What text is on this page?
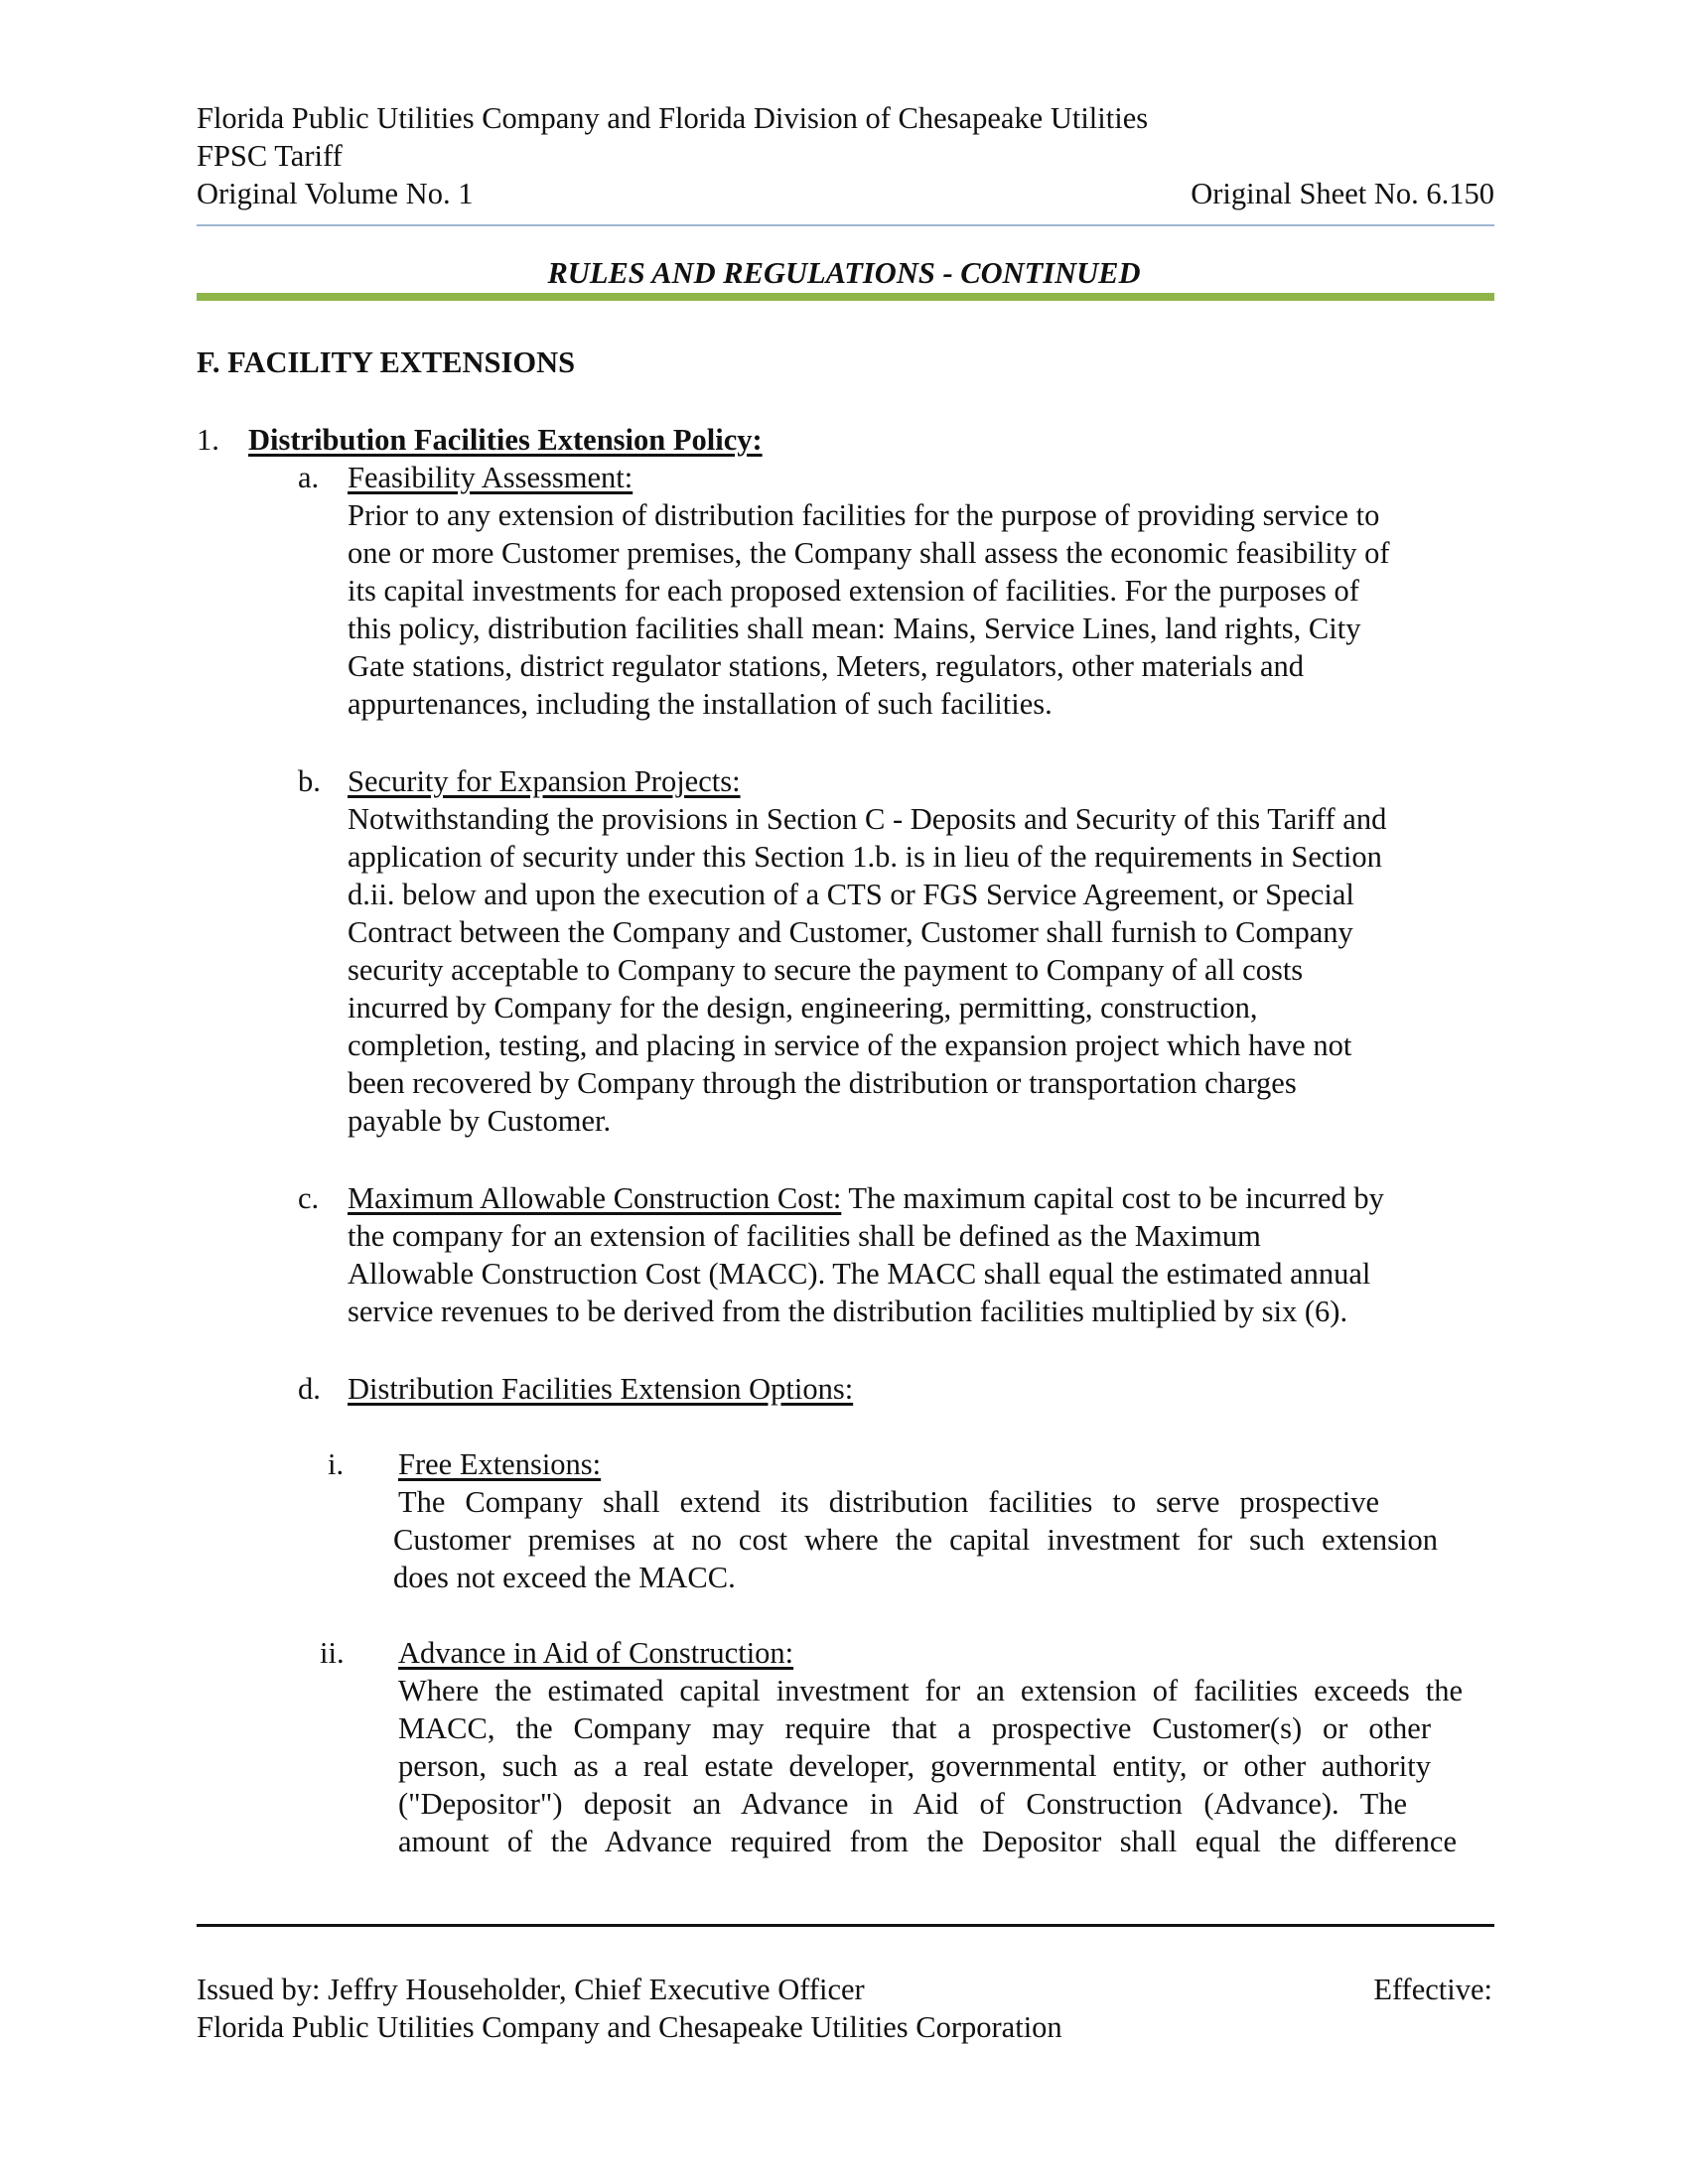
Florida Public Utilities Company and Florida Division of Chesapeake Utilities
FPSC Tariff
Original Volume No. 1	Original Sheet No. 6.150
RULES AND REGULATIONS - CONTINUED
F. FACILITY EXTENSIONS
1. Distribution Facilities Extension Policy:
a. Feasibility Assessment:
Prior to any extension of distribution facilities for the purpose of providing service to
one or more Customer premises, the Company shall assess the economic feasibility of
its capital investments for each proposed extension of facilities. For the purposes of
this policy, distribution facilities shall mean: Mains, Service Lines, land rights, City
Gate stations, district regulator stations, Meters, regulators, other materials and
appurtenances, including the installation of such facilities.
b. Security for Expansion Projects:
Notwithstanding the provisions in Section C - Deposits and Security of this Tariff and
application of security under this Section 1.b. is in lieu of the requirements in Section
d.ii. below and upon the execution of a CTS or FGS Service Agreement, or Special
Contract between the Company and Customer, Customer shall furnish to Company
security acceptable to Company to secure the payment to Company of all costs
incurred by Company for the design, engineering, permitting, construction,
completion, testing, and placing in service of the expansion project which have not
been recovered by Company through the distribution or transportation charges
payable by Customer.
c. Maximum Allowable Construction Cost: The maximum capital cost to be incurred by
the company for an extension of facilities shall be defined as the Maximum
Allowable Construction Cost (MACC). The MACC shall equal the estimated annual
service revenues to be derived from the distribution facilities multiplied by six (6).
d. Distribution Facilities Extension Options:
i. Free Extensions:
The Company shall extend its distribution facilities to serve prospective
Customer premises at no cost where the capital investment for such extension
does not exceed the MACC.
ii. Advance in Aid of Construction:
Where the estimated capital investment for an extension of facilities exceeds the
MACC, the Company may require that a prospective Customer(s) or other
person, such as a real estate developer, governmental entity, or other authority
("Depositor") deposit an Advance in Aid of Construction (Advance). The
amount of the Advance required from the Depositor shall equal the difference
Issued by: Jeffry Householder, Chief Executive Officer	Effective:
Florida Public Utilities Company and Chesapeake Utilities Corporation
